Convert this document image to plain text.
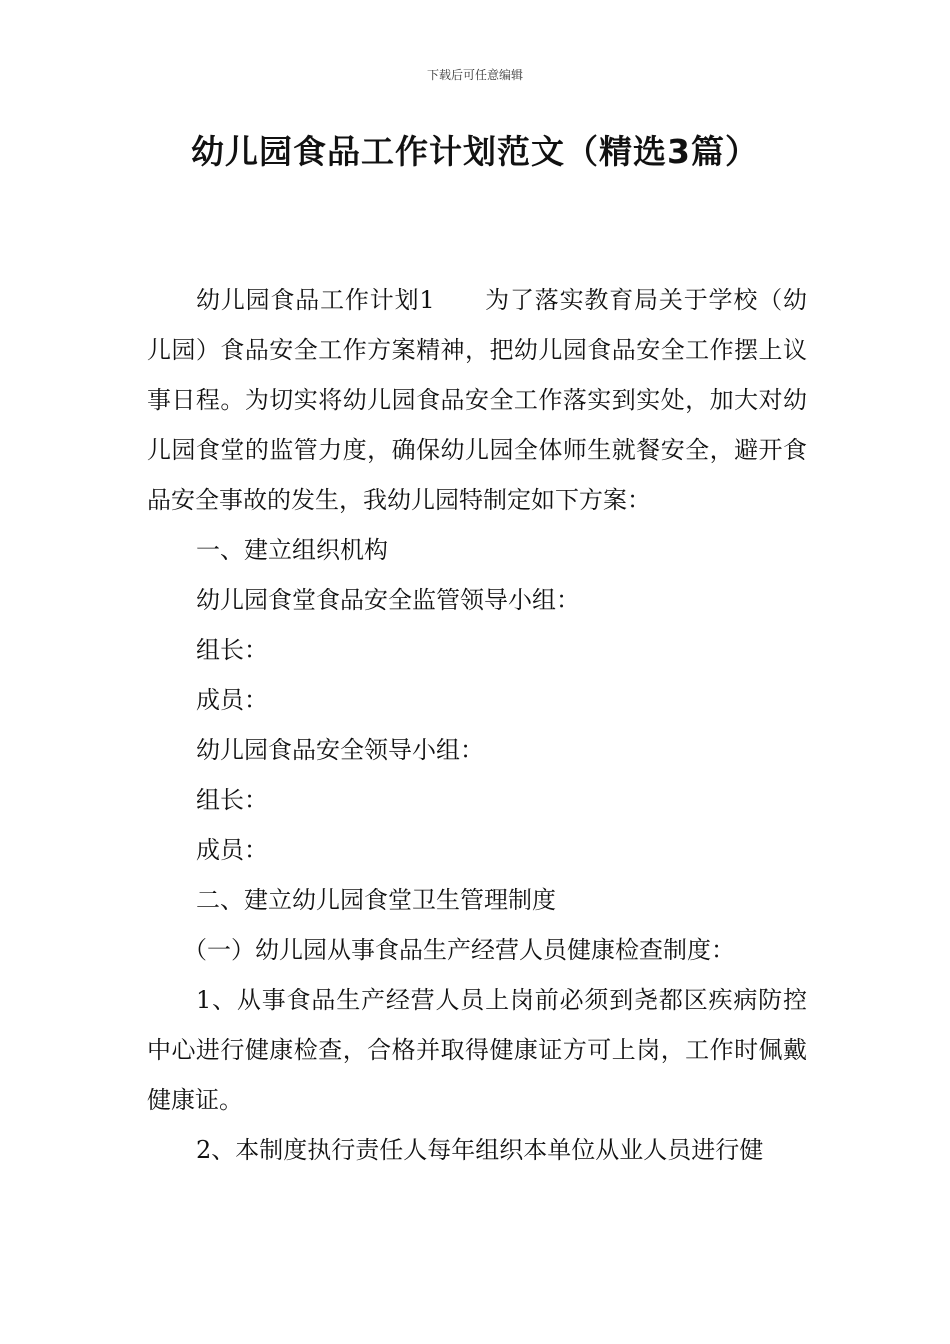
下载后可任意编辑
幼儿园食品工作计划范文（精选3篇）

幼儿园食品工作计划1　　为了落实教育局关于学校（幼儿园）食品安全工作方案精神，把幼儿园食品安全工作摆上议事日程。为切实将幼儿园食品安全工作落实到实处，加大对幼儿园食堂的监管力度，确保幼儿园全体师生就餐安全，避开食品安全事故的发生，我幼儿园特制定如下方案：

一、建立组织机构

幼儿园食堂食品安全监管领导小组：

组长：

成员：

幼儿园食品安全领导小组：

组长：

成员：

二、建立幼儿园食堂卫生管理制度

（一）幼儿园从事食品生产经营人员健康检查制度：

1、从事食品生产经营人员上岗前必须到尧都区疾病防控中心进行健康检查，合格并取得健康证方可上岗，工作时佩戴健康证。

2、本制度执行责任人每年组织本单位从业人员进行健
